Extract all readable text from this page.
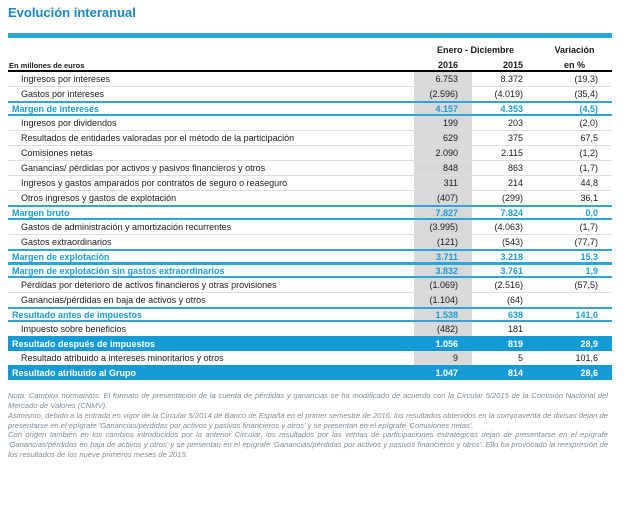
Evolución interanual
Enero - Diciembre	Variación
En millones de euros	2016	2015	en %
Ingresos por intereses	6.753	8.372	(19,3)
Gastos por intereses	(2.596)	(4.019)	(35,4)
Margen de intereses	4.157	4.353	(4,5)
Ingresos por dividendos	199	203	(2,0)
Resultados de entidades valoradas por el método de la participación	629	375	67,5
Comisiones netas	2.090	2.115	(1,2)
Ganancias/ pérdidas por activos y pasivos financieros y otros	848	863	(1,7)
Ingresos y gastos amparados por contratos de seguro o reaseguro	311	214	44,8
Otros ingresos y gastos de explotación	(407)	(299)	36,1
Margen bruto	7.827	7.824	0,0
Gastos de administración y amortización recurrentes	(3.995)	(4.063)	(1,7)
Gastos extraordinarios	(121)	(543)	(77,7)
Margen de explotación	3.711	3.218	15,3
Margen de explotación sin gastos extraordinarios	3.832	3.761	1,9
Pérdidas por deterioro de activos financieros y otras provisiones	(1.069)	(2.516)	(57,5)
Ganancias/pérdidas en baja de activos y otros	(1.104)	(64)
Resultado antes de impuestos	1.538	638	141,0
Impuesto sobre beneficios	(482)	181
Resultado después de impuestos	1.056	819	28,9
Resultado atribuido a intereses minoritarios y otros	9	5	101,6
Resultado atribuido al Grupo	1.047	814	28,6

Nota: Cambios normativos: El formato de presentación de la cuenta de pérdidas y ganancias se ha modificado de acuerdo con la Circular 5/2015 de la Comisión Nacional del Mercado de Valores (CNMV).

Asimismo, debido a la entrada en vigor de la Circular 5/2014 de Banco de España en el primer semestre de 2016, los resultados obtenidos en la compraventa de divisas dejan de presentarse en el epígrafe 'Ganancias/pérdidas por activos y pasivos financieros y otros' y se presentan en el epígrafe 'Comisiones netas'.

Con origen también en los cambios introducidos por la anterior Circular, los resultados por las ventas de participaciones estratégicas dejan de presentarse en el epígrafe 'Ganancias/pérdidas en baja de activos y otros' y se presentan en el epígrafe 'Ganancias/pérdidas por activos y pasivos financieros y otros'. Ello ha provocado la reexpresión de los resultados de los nueve primeros meses de 2015.
